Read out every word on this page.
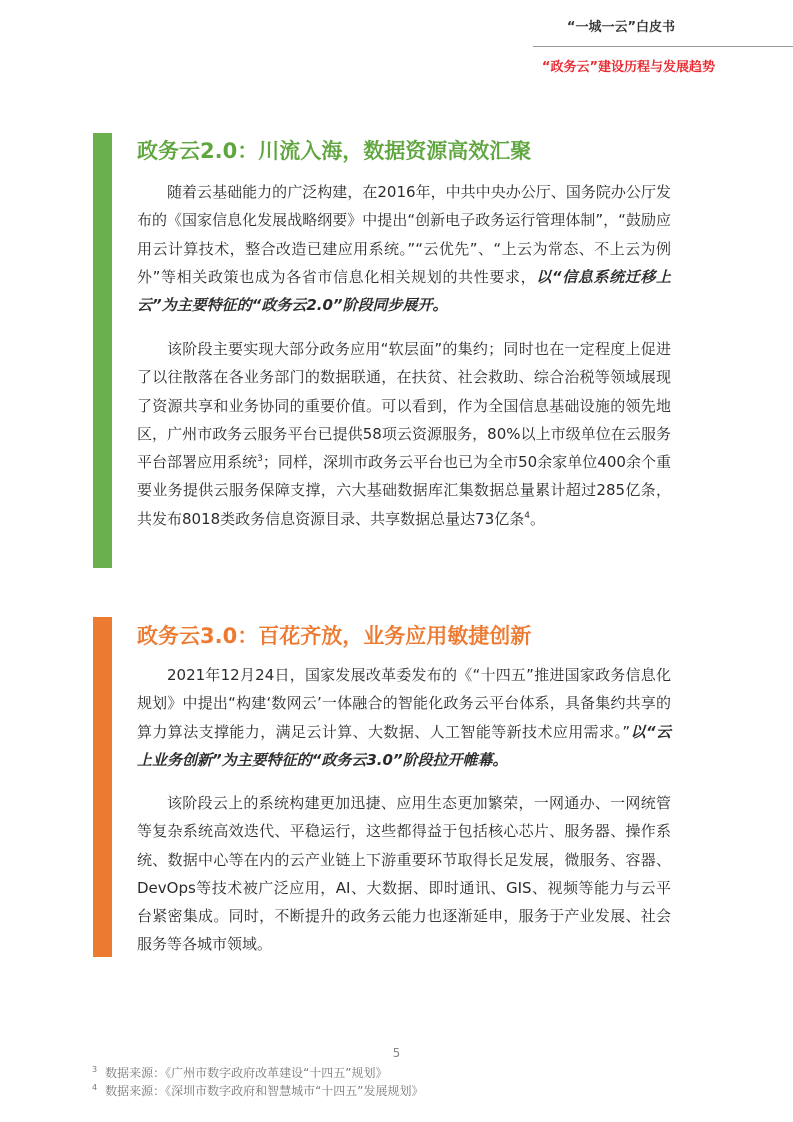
“一城一云”白皮书
“政务云”建设历程与发展趋势
政务云2.0：川流入海，数据资源高效汇聚

随着云基础能力的广泛构建，在2016年，中共中央办公厅、国务院办公厅发布的《国家信息化发展战略纲要》中提出“创新电子政务运行管理体制”，“鼓励应用云计算技术，整合改造已建应用系统。”“云优先”、“上云为常态、不上云为例外”等相关政策也成为各省市信息化相关规划的共性要求，以“信息系统迁移上云”为主要特征的“政务云2.0”阶段同步展开。

该阶段主要实现大部分政务应用“软层面”的集约；同时也在一定程度上促进了以往散落在各业务部门的数据联通，在扶贫、社会救助、综合治税等领域展现了资源共享和业务协同的重要价值。可以看到，作为全国信息基础设施的领先地区，广州市政务云服务平台已提供58项云资源服务，80%以上市级单位在云服务平台部署应用系统$^3$；同样，深圳市政务云平台也已为全市50余家单位400余个重要业务提供云服务保障支撑，六大基础数据库汇集数据总量累计超过285亿条，共发布8018类政务信息资源目录、共享数据总量达73亿条$^4$。

政务云3.0：百花齐放，业务应用敏捷创新

2021年12月24日，国家发展改革委发布的《“十四五”推进国家政务信息化规划》中提出“构建‘数网云’一体融合的智能化政务云平台体系，具备集约共享的算力算法支撑能力，满足云计算、大数据、人工智能等新技术应用需求。”以“云上业务创新”为主要特征的“政务云3.0”阶段拉开帷幕。

该阶段云上的系统构建更加迅捷、应用生态更加繁荣，一网通办、一网统管等复杂系统高效迭代、平稳运行，这些都得益于包括核心芯片、服务器、操作系统、数据中心等在内的云产业链上下游重要环节取得长足发展，微服务、容器、DevOps等技术被广泛应用，AI、大数据、即时通讯、GIS、视频等能力与云平台紧密集成。同时，不断提升的政务云能力也逐渐延申，服务于产业发展、社会服务等各城市领域。

5
$^3$ 数据来源：《广州市数字政府改革建设“十四五”规划》
$^4$ 数据来源：《深圳市数字政府和智慧城市“十四五”发展规划》
